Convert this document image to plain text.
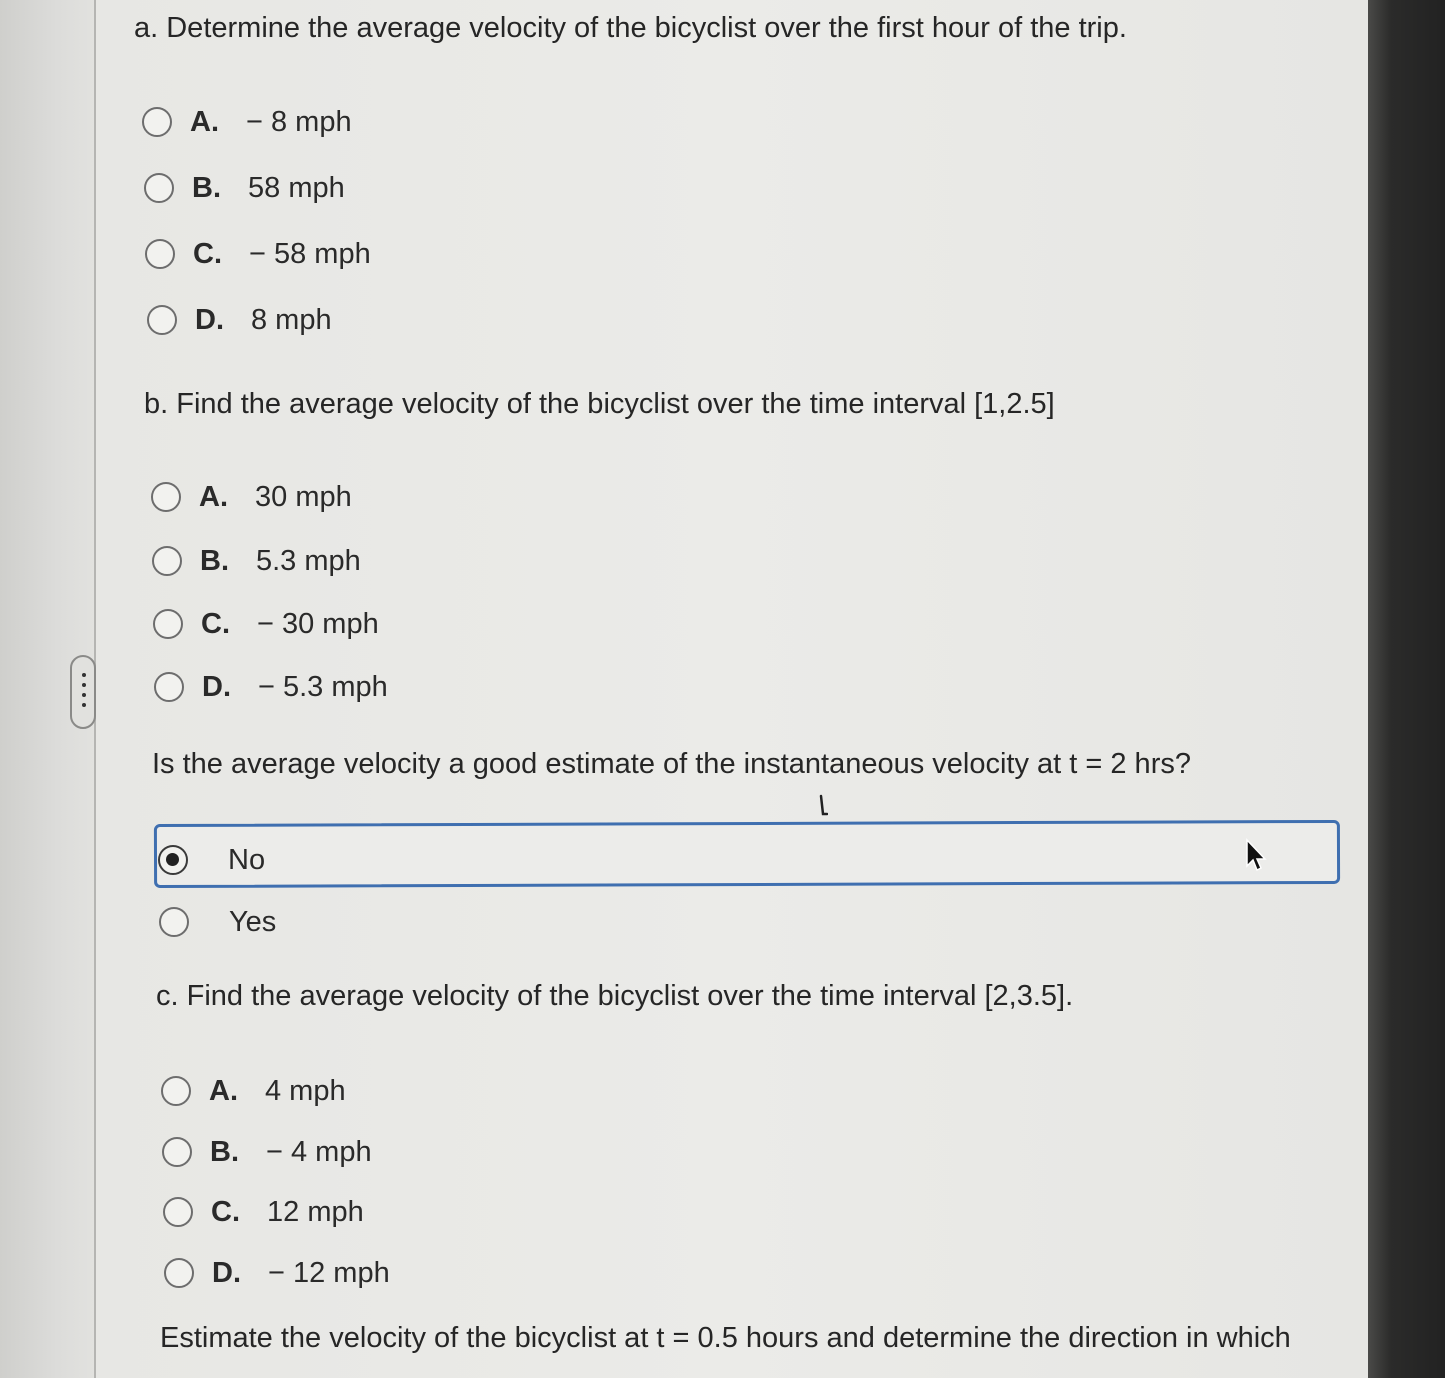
a. Determine the average velocity of the bicyclist over the first hour of the trip.
A. − 8 mph
B. 58 mph
C. − 58 mph
D. 8 mph
b. Find the average velocity of the bicyclist over the time interval [1,2.5]
A. 30 mph
B. 5.3 mph
C. − 30 mph
D. − 5.3 mph
Is the average velocity a good estimate of the instantaneous velocity at t = 2 hrs?
No
Yes
c. Find the average velocity of the bicyclist over the time interval [2,3.5].
A. 4 mph
B. − 4 mph
C. 12 mph
D. − 12 mph
Estimate the velocity of the bicyclist at t = 0.5 hours and determine the direction in which
